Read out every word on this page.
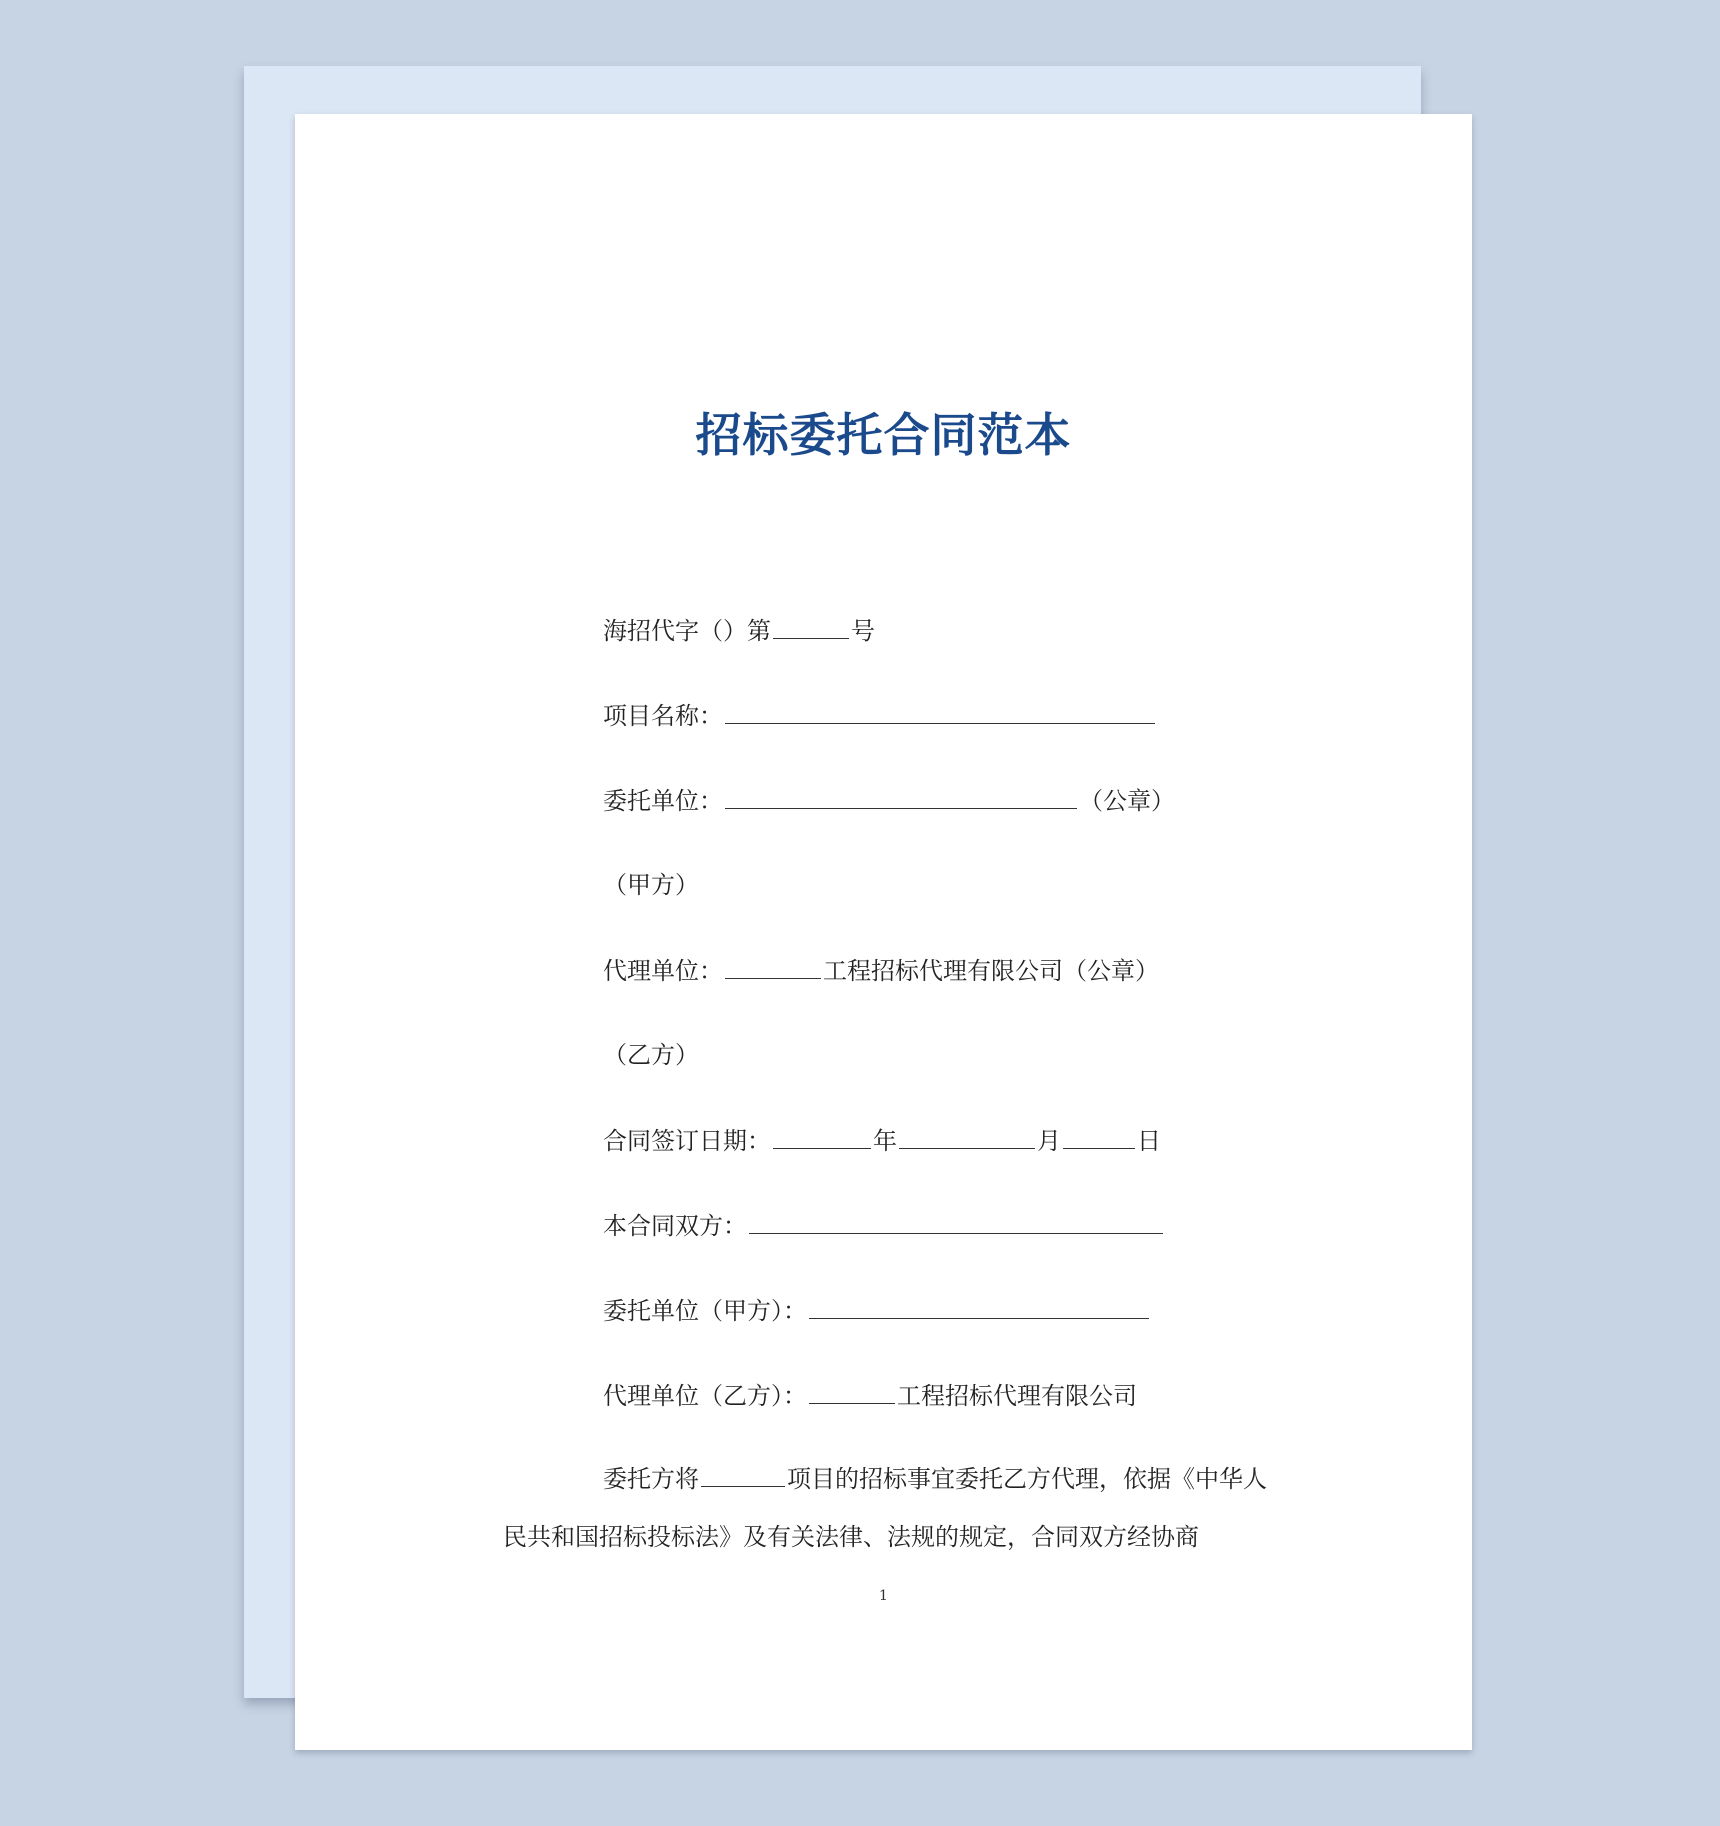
招标委托合同范本
海招代字（）第	号
项目名称：
委托单位：	（公章）
（甲方）
代理单位：	工程招标代理有限公司（公章）
（乙方）
合同签订日期：	年	月	日
本合同双方：
委托单位（甲方）：
代理单位（乙方）：	工程招标代理有限公司
委托方将	项目的招标事宜委托乙方代理，依据《中华人民共和国招标投标法》及有关法律、法规的规定，合同双方经协商
1
